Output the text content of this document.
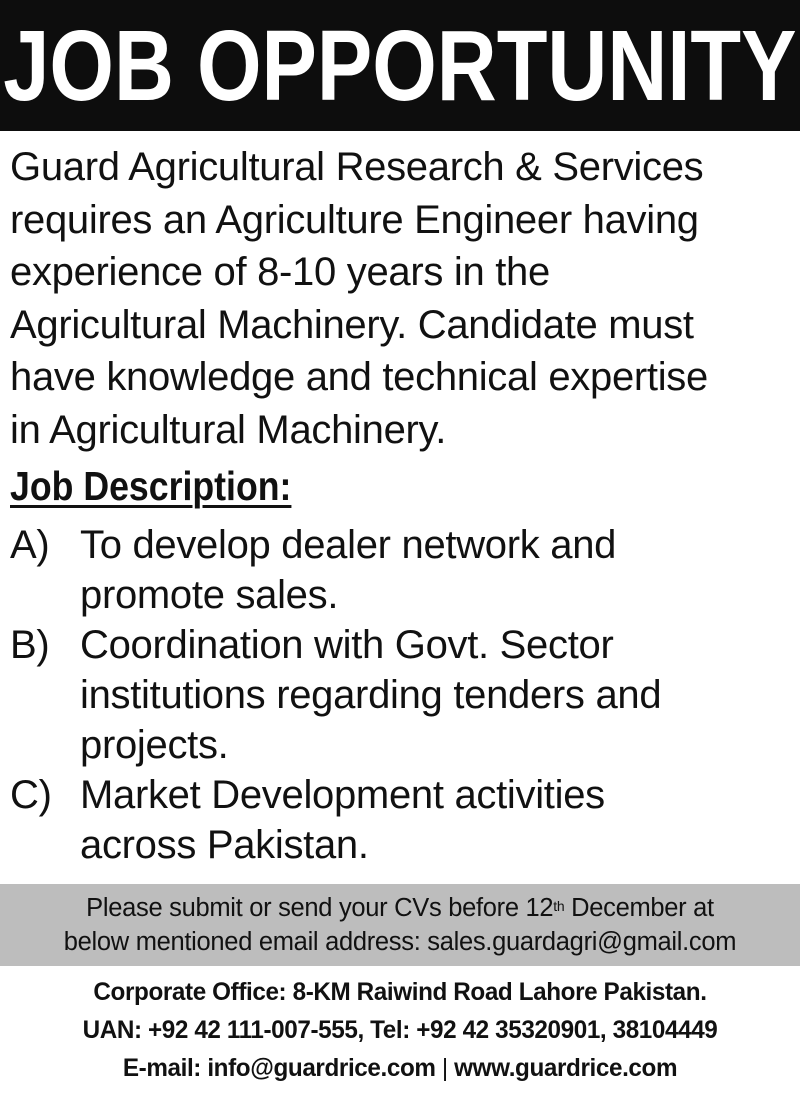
JOB OPPORTUNITY
Guard Agricultural Research & Services
requires an Agriculture Engineer having
experience of 8-10 years in the
Agricultural Machinery. Candidate must
have knowledge and technical expertise
in Agricultural Machinery.
Job Description:
A) To develop dealer network and
promote sales.
B) Coordination with Govt. Sector
institutions regarding tenders and
projects.
C) Market Development activities
across Pakistan.
Please submit or send your CVs before 12th December at
below mentioned email address: sales.guardagri@gmail.com
Corporate Office: 8-KM Raiwind Road Lahore Pakistan.
UAN: +92 42 111-007-555, Tel: +92 42 35320901, 38104449
E-mail: info@guardrice.com | www.guardrice.com
